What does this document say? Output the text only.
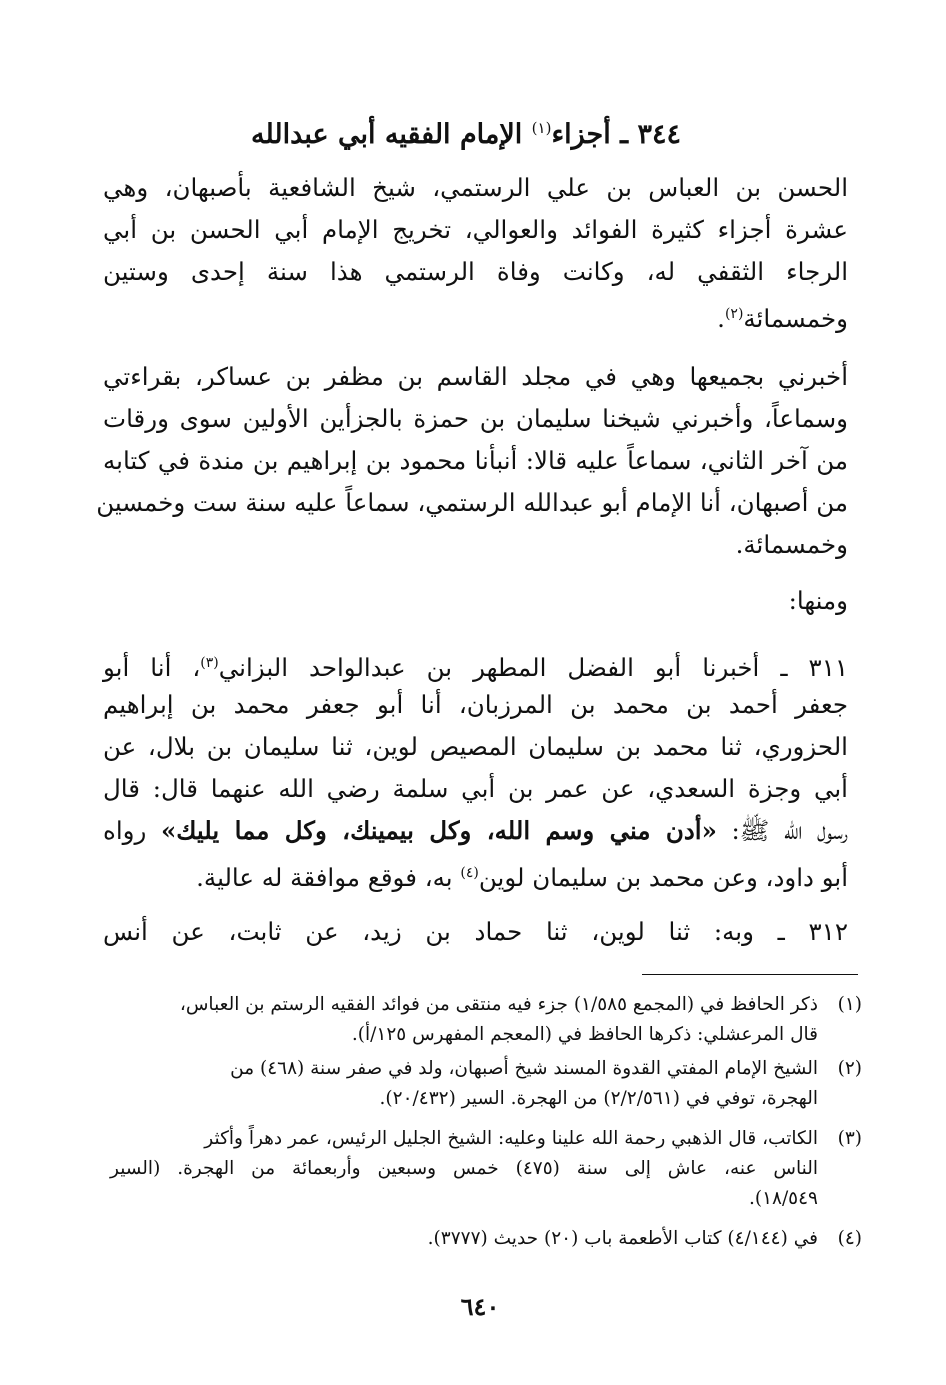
٣٤٤ ـ أجزاء$^{(١)}$ الإمام الفقيه أبي عبدالله
الحسن بن العباس بن علي الرستمي، شيخ الشافعية بأصبهان، وهي
عشرة أجزاء كثيرة الفوائد والعوالي، تخريج الإمام أبي الحسن بن أبي
الرجاء الثقفي له، وكانت وفاة الرستمي هذا سنة إحدى وستين
وخمسمائة$^{(٢)}$.
أخبرني بجميعها وهي في مجلد القاسم بن مظفر بن عساكر، بقراءتي
وسماعاً، وأخبرني شيخنا سليمان بن حمزة بالجزأين الأولين سوى ورقات
من آخر الثاني، سماعاً عليه قالا: أنبأنا محمود بن إبراهيم بن مندة في كتابه
من أصبهان، أنا الإمام أبو عبدالله الرستمي، سماعاً عليه سنة ست وخمسين
وخمسمائة.
ومنها:
٣١١ ـ أخبرنا أبو الفضل المطهر بن عبدالواحد البزاني$^{(٣)}$، أنا أبو
جعفر أحمد بن محمد بن المرزبان، أنا أبو جعفر محمد بن إبراهيم
الحزوري، ثنا محمد بن سليمان المصيص لوين، ثنا سليمان بن بلال، عن
أبي وجزة السعدي، عن عمر بن أبي سلمة رضي الله عنهما قال: قال
رسول الله ﷺ: «أدن مني وسم الله، وكل بيمينك، وكل مما يليك» رواه
أبو داود، وعن محمد بن سليمان لوين$^{(٤)}$ به، فوقع موافقة له عالية.
٣١٢ ـ وبه: ثنا لوين، ثنا حماد بن زيد، عن ثابت، عن أنس
(١)ذكر الحافظ في (المجمع ١/٥٨٥) جزء فيه منتقى من فوائد الفقيه الرستم بن العباس،
قال المرعشلي: ذكرها الحافظ في (المعجم المفهرس ١٢٥/أ).
(٢)الشيخ الإمام المفتي القدوة المسند شيخ أصبهان، ولد في صفر سنة (٤٦٨) من
الهجرة، توفي في (٢/٢/٥٦١) من الهجرة. السير (٢٠/٤٣٢).
(٣)الكاتب، قال الذهبي رحمة الله علينا وعليه: الشيخ الجليل الرئيس، عمر دهراً وأكثر
الناس عنه، عاش إلى سنة (٤٧٥) خمس وسبعين وأربعمائة من الهجرة. (السير
١٨/٥٤٩).
(٤)في (٤/١٤٤) كتاب الأطعمة باب (٢٠) حديث (٣٧٧٧).
٦٤٠
